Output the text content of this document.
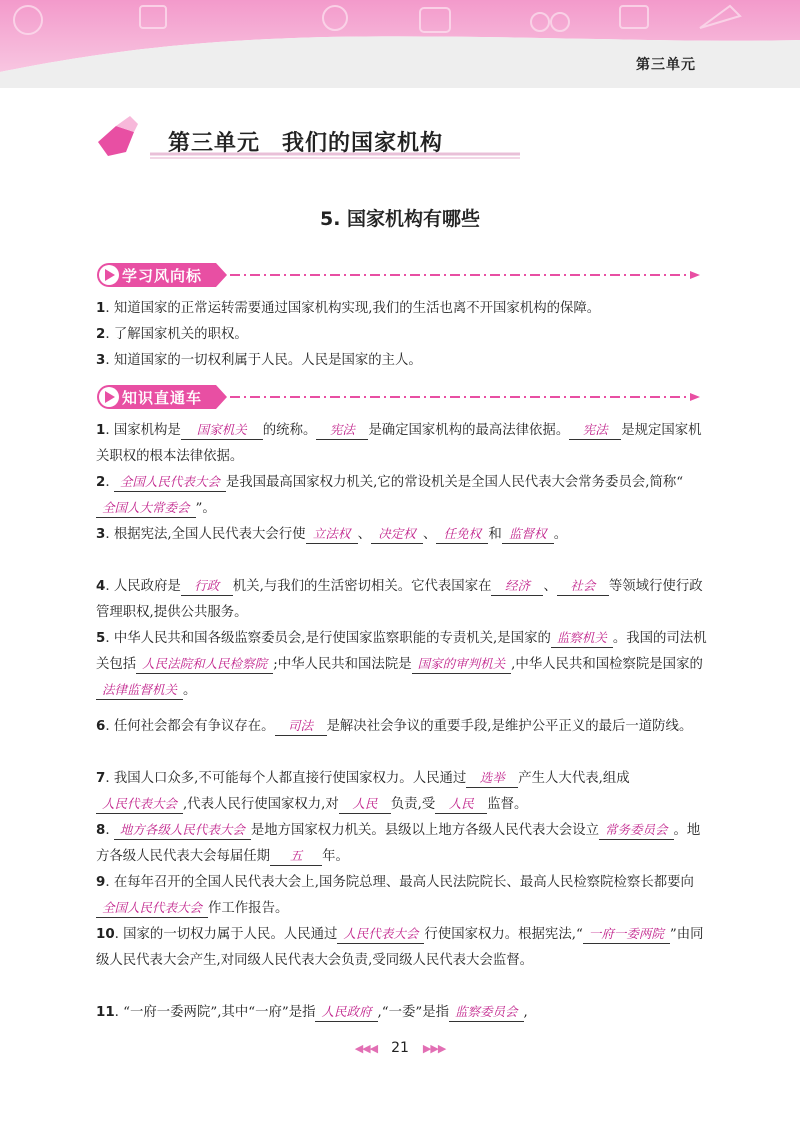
第三单元
第三单元 我们的国家机构
5. 国家机构有哪些
学习风向标
1. 知道国家的正常运转需要通过国家机构实现,我们的生活也离不开国家机构的保障。
2. 了解国家机关的职权。
3. 知道国家的一切权利属于人民。人民是国家的主人。
知识直通车
1. 国家机构是 国家机关 的统称。 宪法 是确定国家机构的最高法律依据。 宪法 是规定国家机关职权的根本法律依据。
2. 全国人民代表大会 是我国最高国家权力机关,它的常设机关是全国人民代表大会常务委员会,简称“全国人大常委会 ”。
3. 根据宪法,全国人民代表大会行使 立法权 、 决定权 、 任免权 和 监督权 。
4. 人民政府是 行政 机关,与我们的生活密切相关。它代表国家在 经济 、 社会 等领域行使行政管理职权,提供公共服务。
5. 中华人民共和国各级监察委员会,是行使国家监察职能的专责机关,是国家的 监察机关 。我国的司法机关包括 人民法院和人民检察院 ;中华人民共和国法院是 国家的审判机关 ,中华人民共和国检察院是国家的法律监督机关 。
6. 任何社会都会有争议存在。 司法 是解决社会争议的重要手段,是维护公平正义的最后一道防线。
7. 我国人口众多,不可能每个人都直接行使国家权力。人民通过 选举 产生人大代表,组成人民代表大会 ,代表人民行使国家权力,对 人民 负责,受 人民 监督。
8. 地方各级人民代表大会 是地方国家权力机关。县级以上地方各级人民代表大会设立 常务委员会 。地方各级人民代表大会每届任期 五 年。
9. 在每年召开的全国人民代表大会上,国务院总理、最高人民法院院长、最高人民检察院检察长都要向全国人民代表大会 作工作报告。
10. 国家的一切权力属于人民。人民通过 人民代表大会 行使国家权力。根据宪法,“ 一府一委两院 ”由同级人民代表大会产生,对同级人民代表大会负责,受同级人民代表大会监督。
11. “一府一委两院”,其中“一府”是指 人民政府 ,“一委”是指 监察委员会 ,
◀◀◀ 21 ▶▶▶
